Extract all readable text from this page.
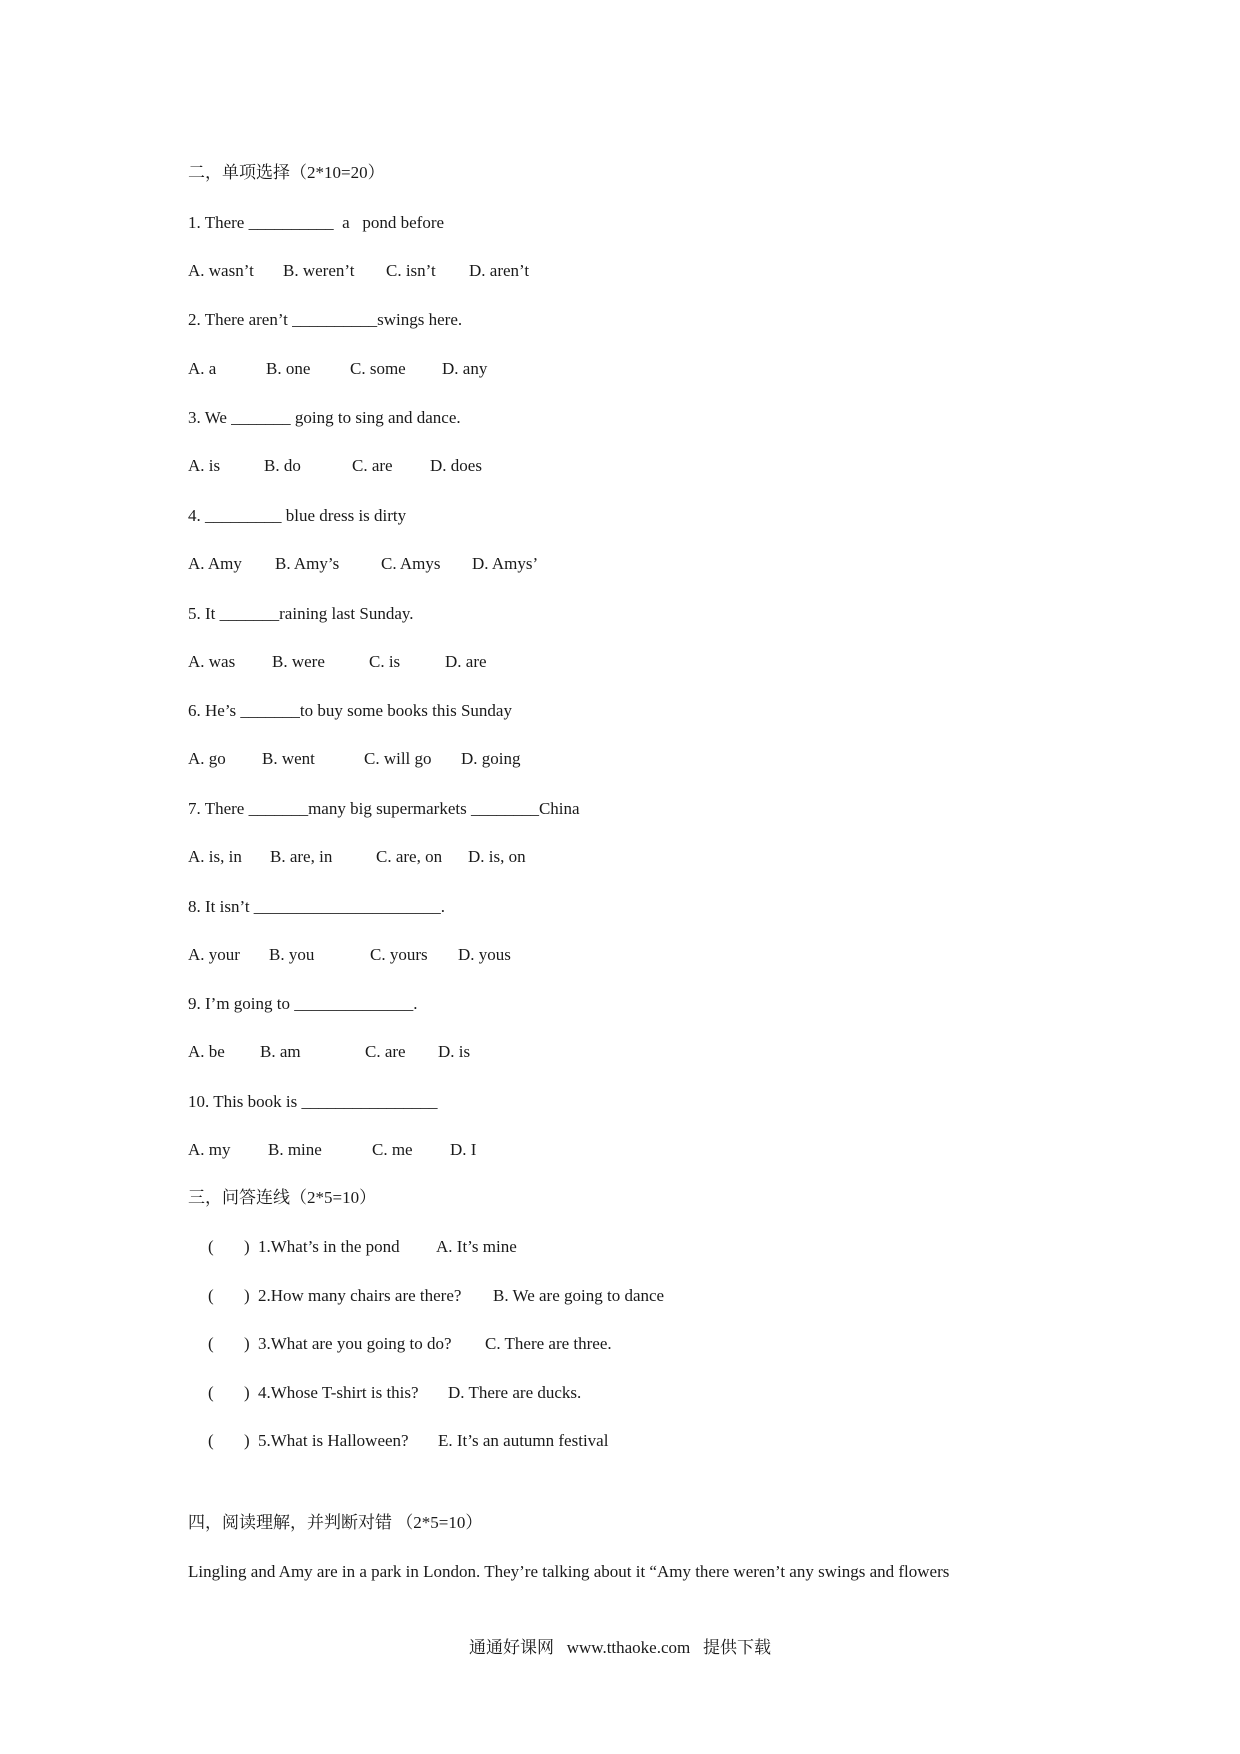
二，单项选择（2*10=20）
1. There __________  a   pond before
A. wasn’t B. weren’t C. isn’t D. aren’t
2. There aren’t __________swings here.
A. a	B. one C. some D. any
3. We _______ going to sing and dance.
A. is	B. do	C. are D. does
4. _________ blue dress is dirty
A. Amy B. Amy’s C. Amys D. Amys’
5. It _______raining last Sunday.
A. was B. were	C. is	D. are
6. He’s _______to buy some books this Sunday
A. go B. went	C. will go D. going
7. There _______many big supermarkets ________China
A. is, in B. are, in	C. are, on D. is, on
8. It isn’t ______________________.
A. your B. you	C. yours D. yous
9. I’m going to ______________.
A. be B. am	C. are D. is
10. This book is ________________
A. my B. mine	C. me D. I
三，问答连线（2*5=10）
( ) 1.What’s in the pond A. It’s mine
( ) 2.How many chairs are there? B. We are going to dance
( ) 3.What are you going to do? C. There are three.
( ) 4.Whose T-shirt is this? D. There are ducks.
( ) 5.What is Halloween? E. It’s an autumn festival
四，阅读理解，并判断对错 （2*5=10）
Lingling and Amy are in a park in London. They’re talking about it “Amy there weren’t any swings and flowers
通通好课网   www.tthaoke.com   提供下载
